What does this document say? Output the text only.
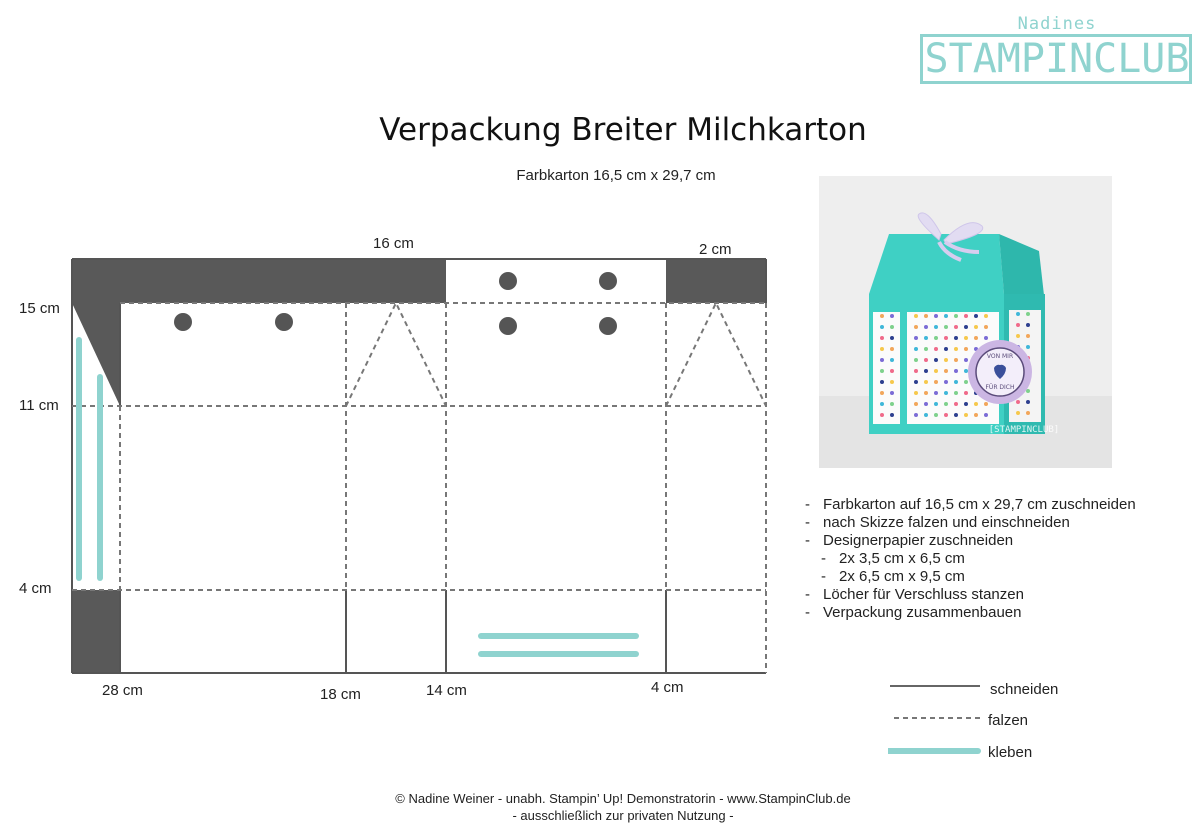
Nadines
STAMPINCLUB
Verpackung Breiter Milchkarton
Farbkarton 16,5 cm x 29,7 cm
16 cm	2 cm
15 cm
11 cm
4 cm
28 cm	18 cm	14 cm	4 cm
VON MIR
FÜR DICH
[STAMPINCLUB]
- Farbkarton auf 16,5 cm x 29,7 cm zuschneiden
- nach Skizze falzen und einschneiden
- Designerpapier zuschneiden
- 2x 3,5 cm x 6,5 cm
- 2x 6,5 cm x 9,5 cm
- Löcher für Verschluss stanzen
- Verpackung zusammenbauen
schneiden
falzen
kleben
© Nadine Weiner - unabh. Stampin’ Up! Demonstratorin - www.StampinClub.de
- ausschließlich zur privaten Nutzung -
